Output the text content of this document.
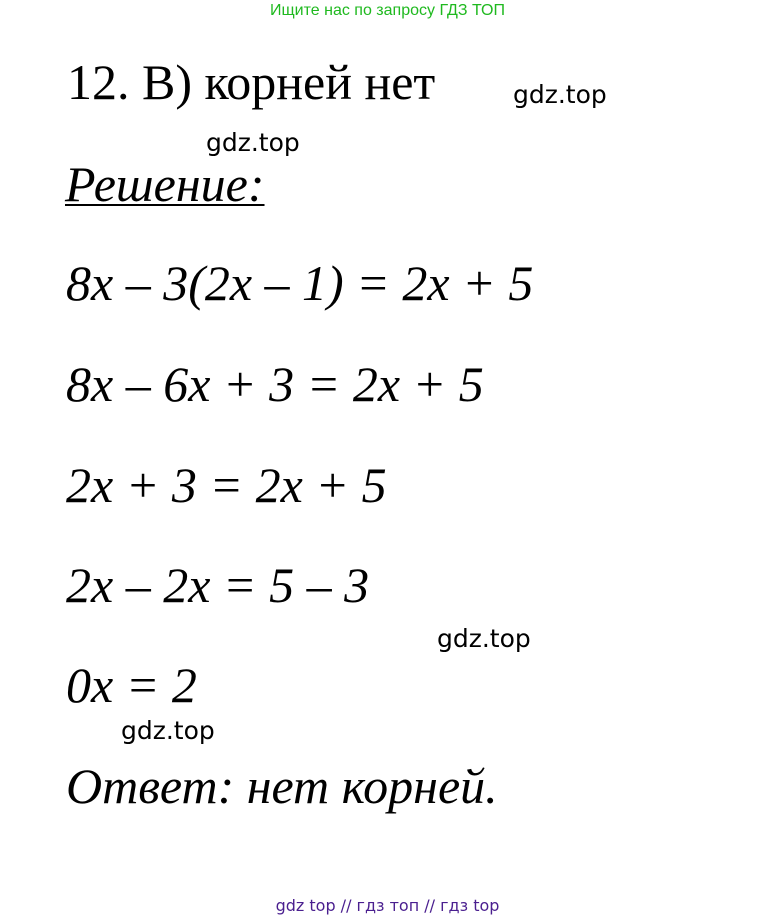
Ищите нас по запросу ГДЗ ТОП
12. В) корней нет	gdz.top
gdz.top
Решение:
8x – 3(2x – 1) = 2x + 5
8x – 6x + 3 = 2x + 5
2x + 3 = 2x + 5
2x – 2x = 5 – 3
gdz.top
0x = 2
gdz.top
Ответ: нет корней.
gdz top // гдз топ // гдз top
